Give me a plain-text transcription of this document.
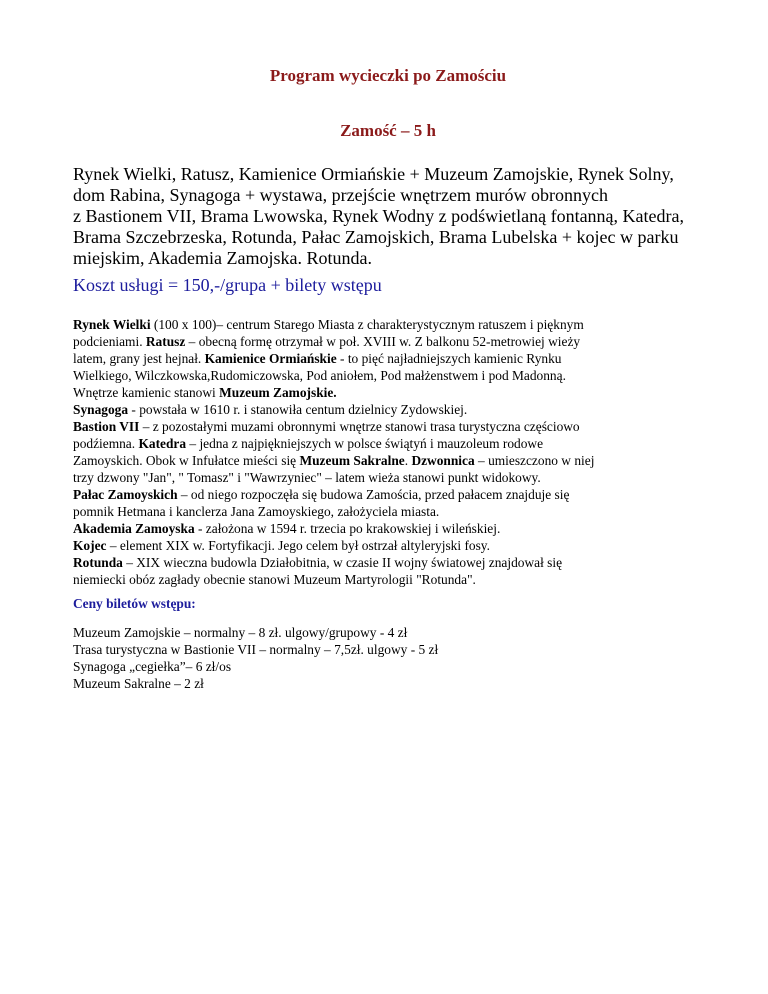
Program wycieczki po Zamościu
Zamość – 5 h

Rynek Wielki, Ratusz, Kamienice Ormiańskie + Muzeum Zamojskie, Rynek Solny,
dom Rabina, Synagoga + wystawa, przejście wnętrzem murów obronnych
z Bastionem VII, Brama Lwowska, Rynek Wodny z podświetlaną fontanną, Katedra,
Brama Szczebrzeska, Rotunda, Pałac Zamojskich, Brama Lubelska + kojec w parku
miejskim, Akademia Zamojska. Rotunda.

Koszt usługi = 150,-/grupa + bilety wstępu

Rynek Wielki (100 x 100)– centrum Starego Miasta z charakterystycznym ratuszem i pięknym
podcieniami. Ratusz – obecną formę otrzymał w poł. XVIII w. Z balkonu 52-metrowiej wieży
latem, grany jest hejnał. Kamienice Ormiańskie - to pięć najładniejszych kamienic Rynku
Wielkiego, Wilczkowska,Rudomiczowska, Pod aniołem, Pod małżenstwem i pod Madonną.
Wnętrze kamienic stanowi Muzeum Zamojskie.
Synagoga - powstała w 1610 r. i stanowiła centum dzielnicy Zydowskiej.
Bastion VII – z pozostałymi muzami obronnymi wnętrze stanowi trasa turystyczna częściowo
podźiemna. Katedra – jedna z najpiękniejszych w polsce świątyń i mauzoleum rodowe
Zamoyskich. Obok w Infułatce mieści się Muzeum Sakralne. Dzwonnica – umieszczono w niej
trzy dzwony "Jan", " Tomasz" i "Wawrzyniec" – latem wieża stanowi punkt widokowy.
Pałac Zamoyskich – od niego rozpoczęła się budowa Zamościa, przed pałacem znajduje się
pomnik Hetmana i kanclerza Jana Zamoyskiego, założyciela miasta.
Akademia Zamoyska - założona w 1594 r. trzecia po krakowskiej i wileńskiej.
Kojec – element XIX w. Fortyfikacji. Jego celem był ostrzał altyleryjski fosy.
Rotunda – XIX wieczna budowla Działobitnia, w czasie II wojny światowej znajdował się
niemiecki obóz zagłady obecnie stanowi Muzeum Martyrologii "Rotunda".

Ceny biletów wstępu:

Muzeum Zamojskie – normalny – 8 zł. ulgowy/grupowy - 4 zł
Trasa turystyczna w Bastionie VII – normalny – 7,5zł. ulgowy - 5 zł
Synagoga „cegiełka”– 6 zł/os
Muzeum Sakralne – 2 zł
